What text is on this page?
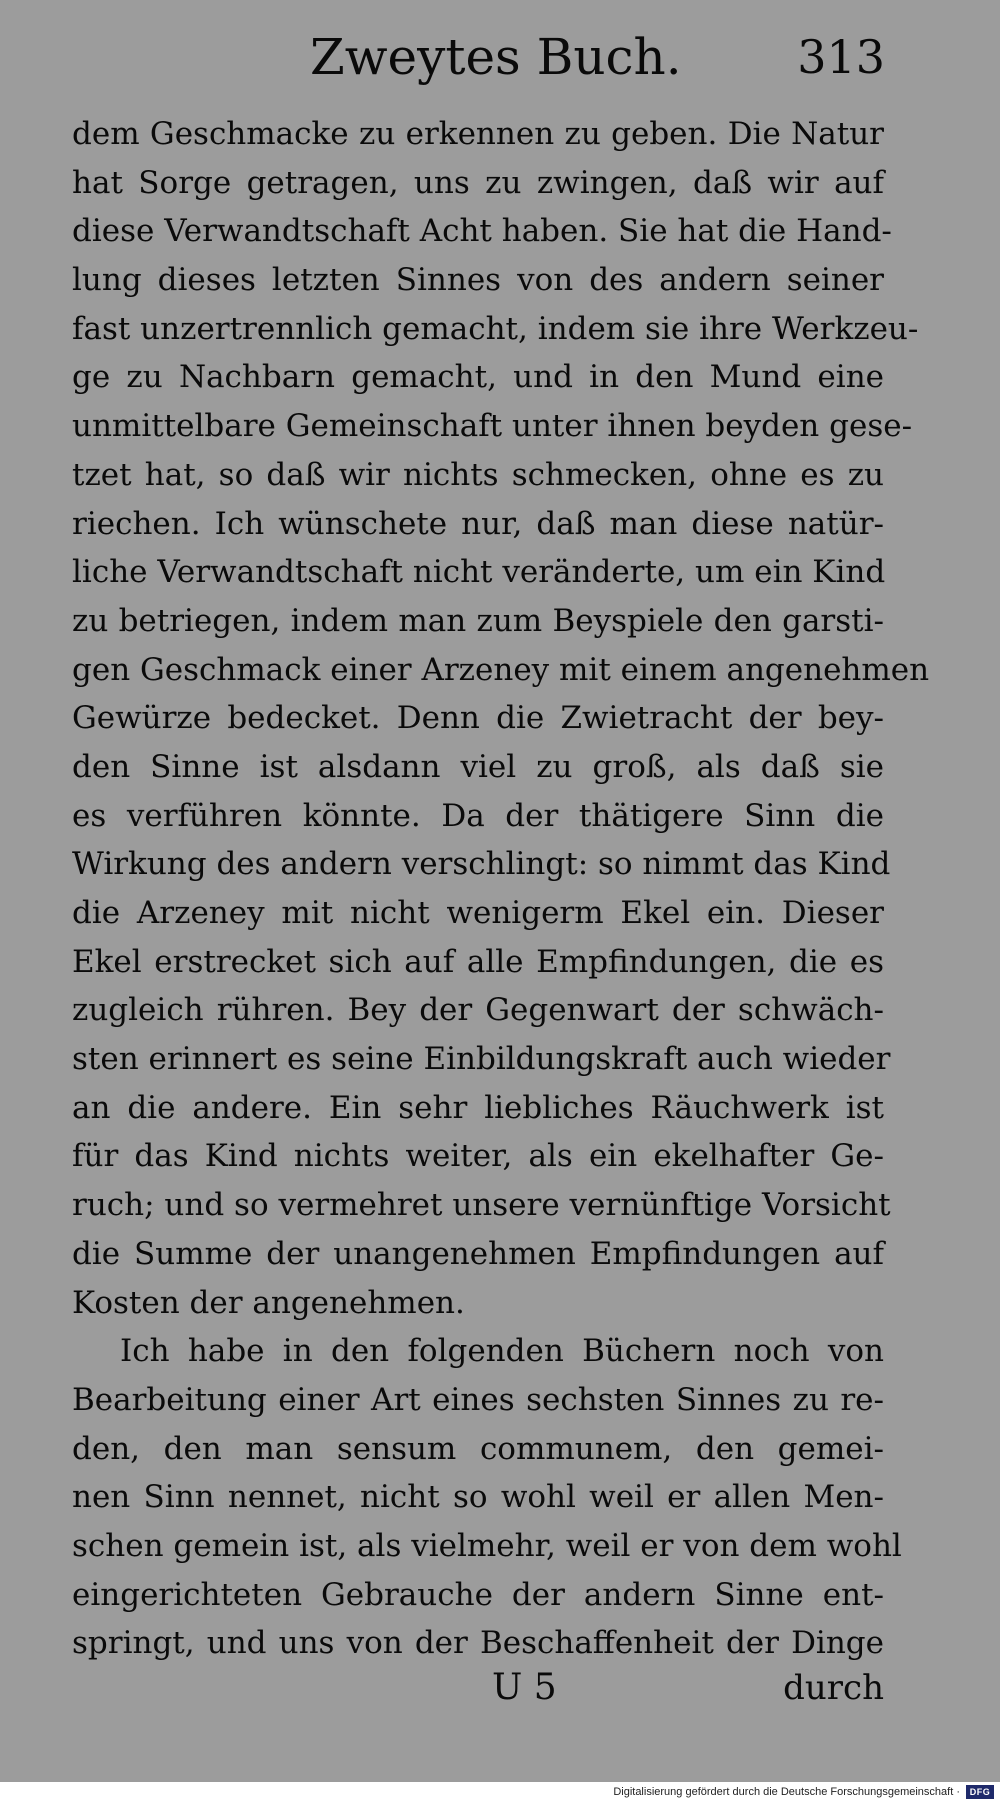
Zweytes Buch.	313
dem Geschmacke zu erkennen zu geben. Die Natur
hat Sorge getragen, uns zu zwingen, daß wir auf
diese Verwandtschaft Acht haben. Sie hat die Hand-
lung dieses letzten Sinnes von des andern seiner
fast unzertrennlich gemacht, indem sie ihre Werkzeu-
ge zu Nachbarn gemacht, und in den Mund eine
unmittelbare Gemeinschaft unter ihnen beyden gese-
tzet hat, so daß wir nichts schmecken, ohne es zu
riechen. Ich wünschete nur, daß man diese natür-
liche Verwandtschaft nicht veränderte, um ein Kind
zu betriegen, indem man zum Beyspiele den garsti-
gen Geschmack einer Arzeney mit einem angenehmen
Gewürze bedecket. Denn die Zwietracht der bey-
den Sinne ist alsdann viel zu groß, als daß sie
es verführen könnte. Da der thätigere Sinn die
Wirkung des andern verschlingt: so nimmt das Kind
die Arzeney mit nicht wenigerm Ekel ein. Dieser
Ekel erstrecket sich auf alle Empfindungen, die es
zugleich rühren. Bey der Gegenwart der schwäch-
sten erinnert es seine Einbildungskraft auch wieder
an die andere. Ein sehr liebliches Räuchwerk ist
für das Kind nichts weiter, als ein ekelhafter Ge-
ruch; und so vermehret unsere vernünftige Vorsicht
die Summe der unangenehmen Empfindungen auf
Kosten der angenehmen.
Ich habe in den folgenden Büchern noch von
Bearbeitung einer Art eines sechsten Sinnes zu re-
den, den man sensum communem, den gemei-
nen Sinn nennet, nicht so wohl weil er allen Men-
schen gemein ist, als vielmehr, weil er von dem wohl
eingerichteten Gebrauche der andern Sinne ent-
springt, und uns von der Beschaffenheit der Dinge
U 5	durch
Digitalisierung gefördert durch die Deutsche Forschungsgemeinschaft ·	DFG
